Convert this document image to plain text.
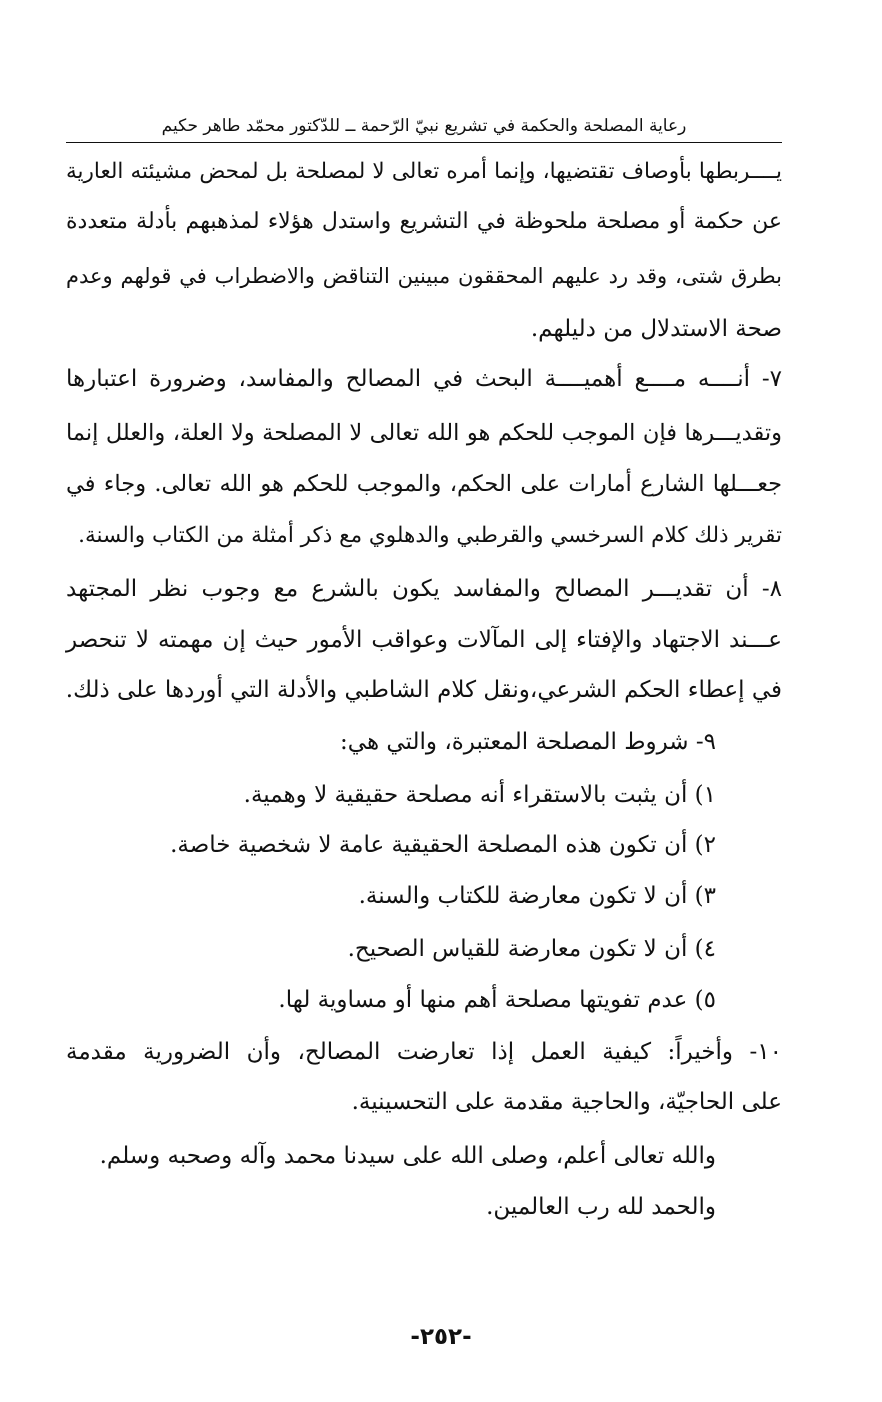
رعاية المصلحة والحكمة في تشريع نبيّ الرّحمة ــ للدّكتور محمّد طاهر حكيم
يــــربطها بأوصاف تقتضيها، وإنما أمره تعالى لا لمصلحة بل لمحض مشيئته العارية
عن حكمة أو مصلحة ملحوظة في التشريع واستدل هؤلاء لمذهبهم بأدلة متعددة
بطرق شتى، وقد رد عليهم المحققون مبينين التناقض والاضطراب في قولهم وعدم
صحة الاستدلال من دليلهم.
٧- أنــــه مــــع أهميــــة البحث في المصالح والمفاسد، وضرورة اعتبارها
وتقديـــرها فإن الموجب للحكم هو الله تعالى لا المصلحة ولا العلة، والعلل إنما
جعـــلها الشارع أمارات على الحكم، والموجب للحكم هو الله تعالى. وجاء في
تقرير ذلك كلام السرخسي والقرطبي والدهلوي مع ذكر أمثلة من الكتاب والسنة.
٨- أن تقديـــر المصالح والمفاسد يكون بالشرع مع وجوب نظر المجتهد
عـــند الاجتهاد والإفتاء إلى المآلات وعواقب الأمور حيث إن مهمته لا تنحصر
في إعطاء الحكم الشرعي،ونقل كلام الشاطبي والأدلة التي أوردها على ذلك.
٩- شروط المصلحة المعتبرة، والتي هي:
١) أن يثبت بالاستقراء أنه مصلحة حقيقية لا وهمية.
٢) أن تكون هذه المصلحة الحقيقية عامة لا شخصية خاصة.
٣) أن لا تكون معارضة للكتاب والسنة.
٤) أن لا تكون معارضة للقياس الصحيح.
٥) عدم تفويتها مصلحة أهم منها أو مساوية لها.
١٠- وأخيراً: كيفية العمل إذا تعارضت المصالح، وأن الضرورية مقدمة
على الحاجيّة، والحاجية مقدمة على التحسينية.
والله تعالى أعلم، وصلى الله على سيدنا محمد وآله وصحبه وسلم.
والحمد لله رب العالمين.
-٢٥٢-
